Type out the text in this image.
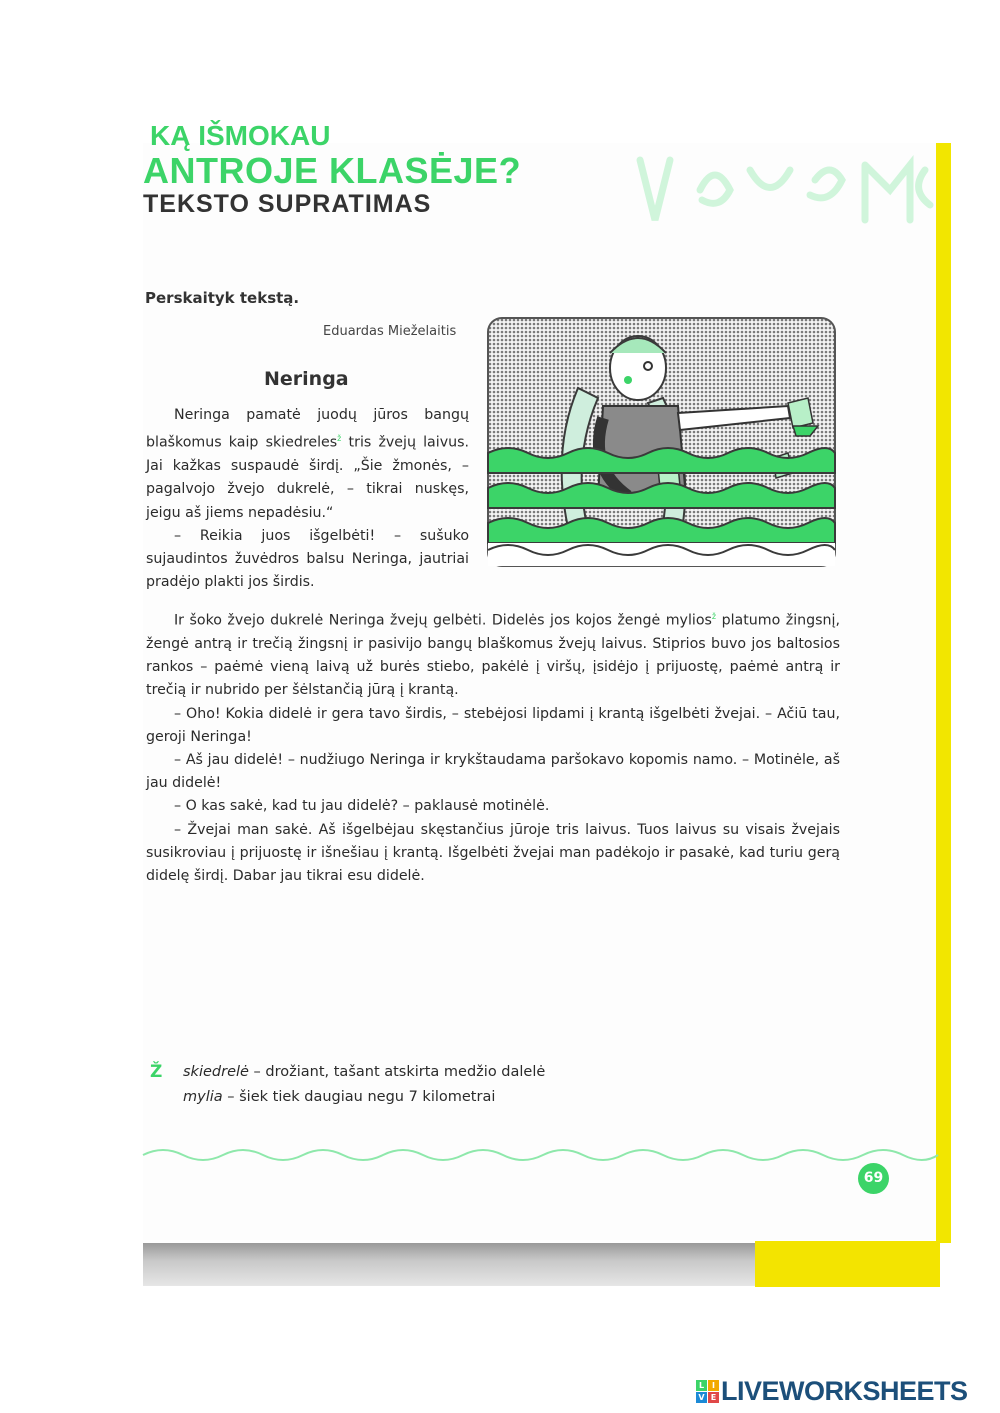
KĄ IŠMOKAU
ANTROJE KLASĖJE?
TEKSTO SUPRATIMAS
Perskaityk tekstą.
Eduardas Mieželaitis
Neringa

Neringa pamatė juodų jūros bangų blaškomus kaip skiedreles$^ž$ tris žvejų laivus. Jai kažkas suspaudė širdį. „Šie žmonės, – pagalvojo žvejo dukrelė, – tikrai nuskęs, jeigu aš jiems nepadėsiu.“

– Reikia juos išgelbėti! – sušuko sujaudintos žuvėdros balsu Neringa, jautriai pradėjo plakti jos širdis.

Ir šoko žvejo dukrelė Neringa žvejų gelbėti. Didelės jos kojos žengė mylios$^ž$ platumo žingsnį, žengė antrą ir trečią žingsnį ir pasivijo bangų blaškomus žvejų laivus. Stiprios buvo jos baltosios rankos – paėmė vieną laivą už burės stiebo, pakėlė į viršų, įsidėjo į prijuostę, paėmė antrą ir trečią ir nubrido per šėlstančią jūrą į krantą.

– Oho! Kokia didelė ir gera tavo širdis, – stebėjosi lipdami į krantą išgelbėti žvejai. – Ačiū tau, geroji Neringa!

– Aš jau didelė! – nudžiugo Neringa ir krykštaudama paršokavo kopomis namo. – Motinėle, aš jau didelė!

– O kas sakė, kad tu jau didelė? – paklausė motinėlė.

– Žvejai man sakė. Aš išgelbėjau skęstančius jūroje tris laivus. Tuos laivus su visais žvejais susikroviau į prijuostę ir išnešiau į krantą. Išgelbėti žvejai man padėkojo ir pasakė, kad turiu gerą didelę širdį. Dabar jau tikrai esu didelė.

Ž skiedrelė – drožiant, tašant atskirta medžio dalelė
mylia – šiek tiek daugiau negu 7 kilometrai
69
L I
V E LIVEWORKSHEETS
